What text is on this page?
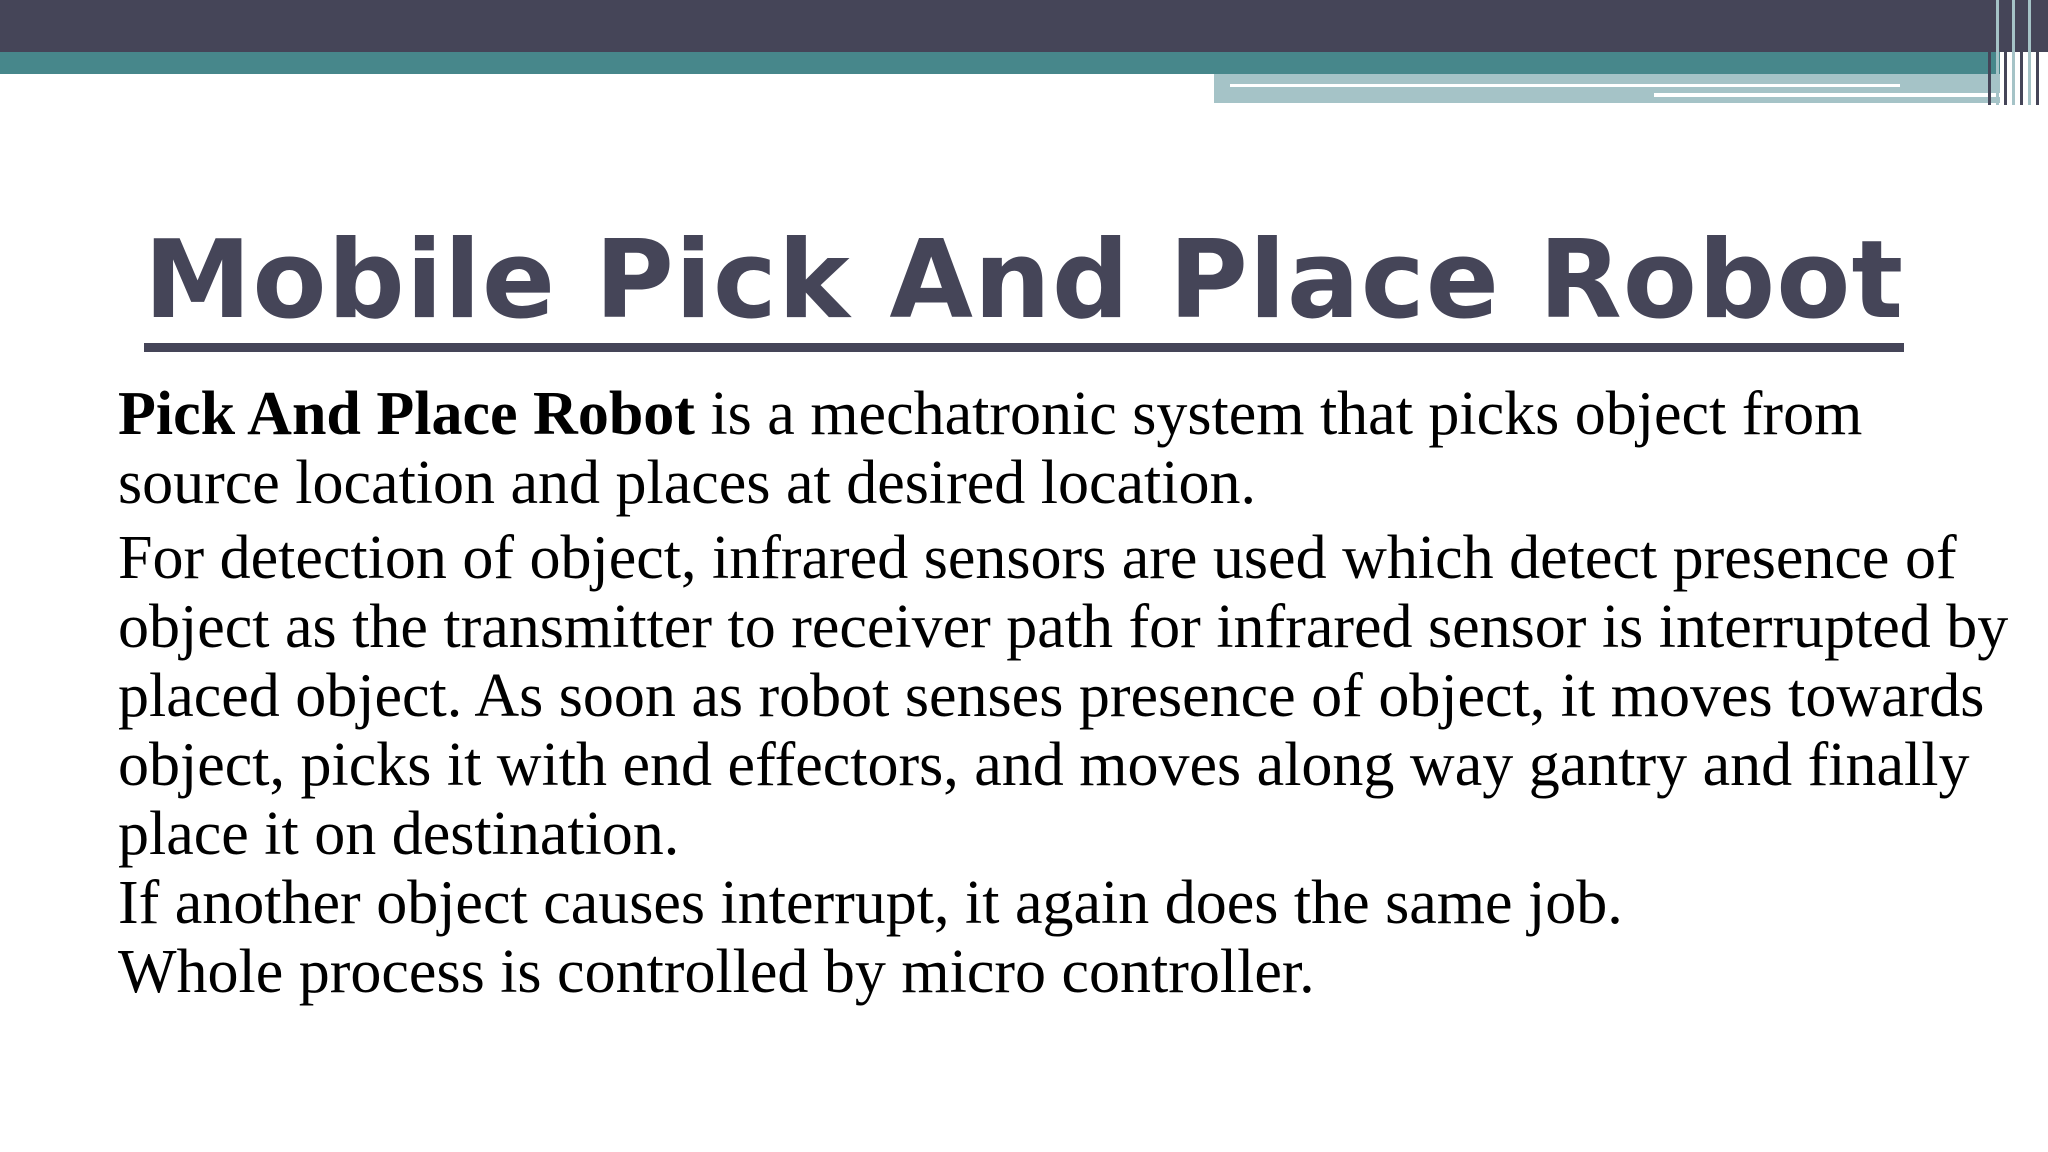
Mobile Pick And Place Robot

Pick And Place Robot is a mechatronic system that picks object from source location and places at desired location.

For detection of object, infrared sensors are used which detect presence of object as the transmitter to receiver path for infrared sensor is interrupted by placed object. As soon as robot senses presence of object, it moves towards object, picks it with end effectors, and moves along way gantry and finally place it on destination.

If another object causes interrupt, it again does the same job.

Whole process is controlled by micro controller.
